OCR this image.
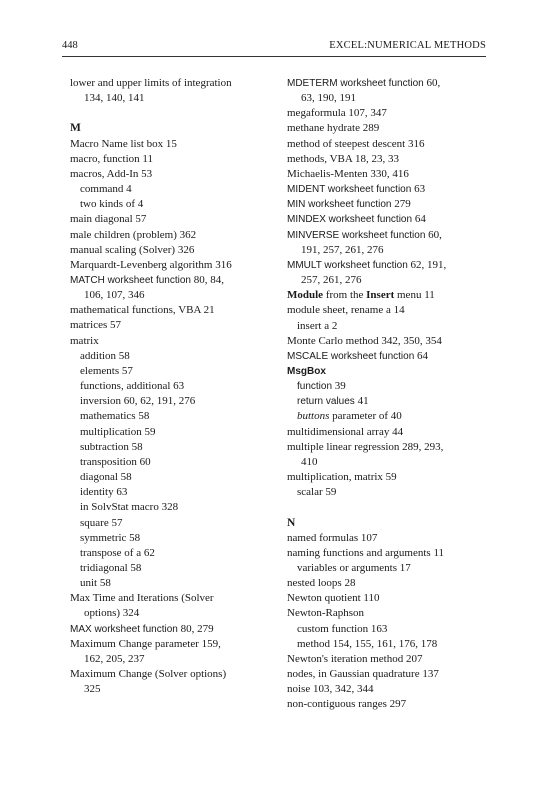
448	EXCEL:NUMERICAL METHODS
lower and upper limits of integration
134, 140, 141
M
Macro Name list box 15
macro, function 11
macros, Add-In 53
command 4
two kinds of 4
main diagonal 57
male children (problem) 362
manual scaling (Solver) 326
Marquardt-Levenberg algorithm 316
MATCH worksheet function 80, 84,
106, 107, 346
mathematical functions, VBA 21
matrices 57
matrix
addition 58
elements 57
functions, additional 63
inversion 60, 62, 191, 276
mathematics 58
multiplication 59
subtraction 58
transposition 60
diagonal 58
identity 63
in SolvStat macro 328
square 57
symmetric 58
transpose of a 62
tridiagonal 58
unit 58
Max Time and Iterations (Solver
options) 324
MAX worksheet function 80, 279
Maximum Change parameter 159,
162, 205, 237
Maximum Change (Solver options)
325
MDETERM worksheet function 60,
63, 190, 191
megaformula 107, 347
methane hydrate 289
method of steepest descent 316
methods, VBA 18, 23, 33
Michaelis-Menten 330, 416
MIDENT worksheet function 63
MIN worksheet function 279
MINDEX worksheet function 64
MINVERSE worksheet function 60,
191, 257, 261, 276
MMULT worksheet function 62, 191,
257, 261, 276
Module from the Insert menu 11
module sheet, rename a 14
insert a 2
Monte Carlo method 342, 350, 354
MSCALE worksheet function 64
MsgBox
function 39
return values 41
buttons parameter of 40
multidimensional array 44
multiple linear regression 289, 293,
410
multiplication, matrix 59
scalar 59
N
named formulas 107
naming functions and arguments 11
variables or arguments 17
nested loops 28
Newton quotient 110
Newton-Raphson
custom function 163
method 154, 155, 161, 176, 178
Newton's iteration method 207
nodes, in Gaussian quadrature 137
noise 103, 342, 344
non-contiguous ranges 297
